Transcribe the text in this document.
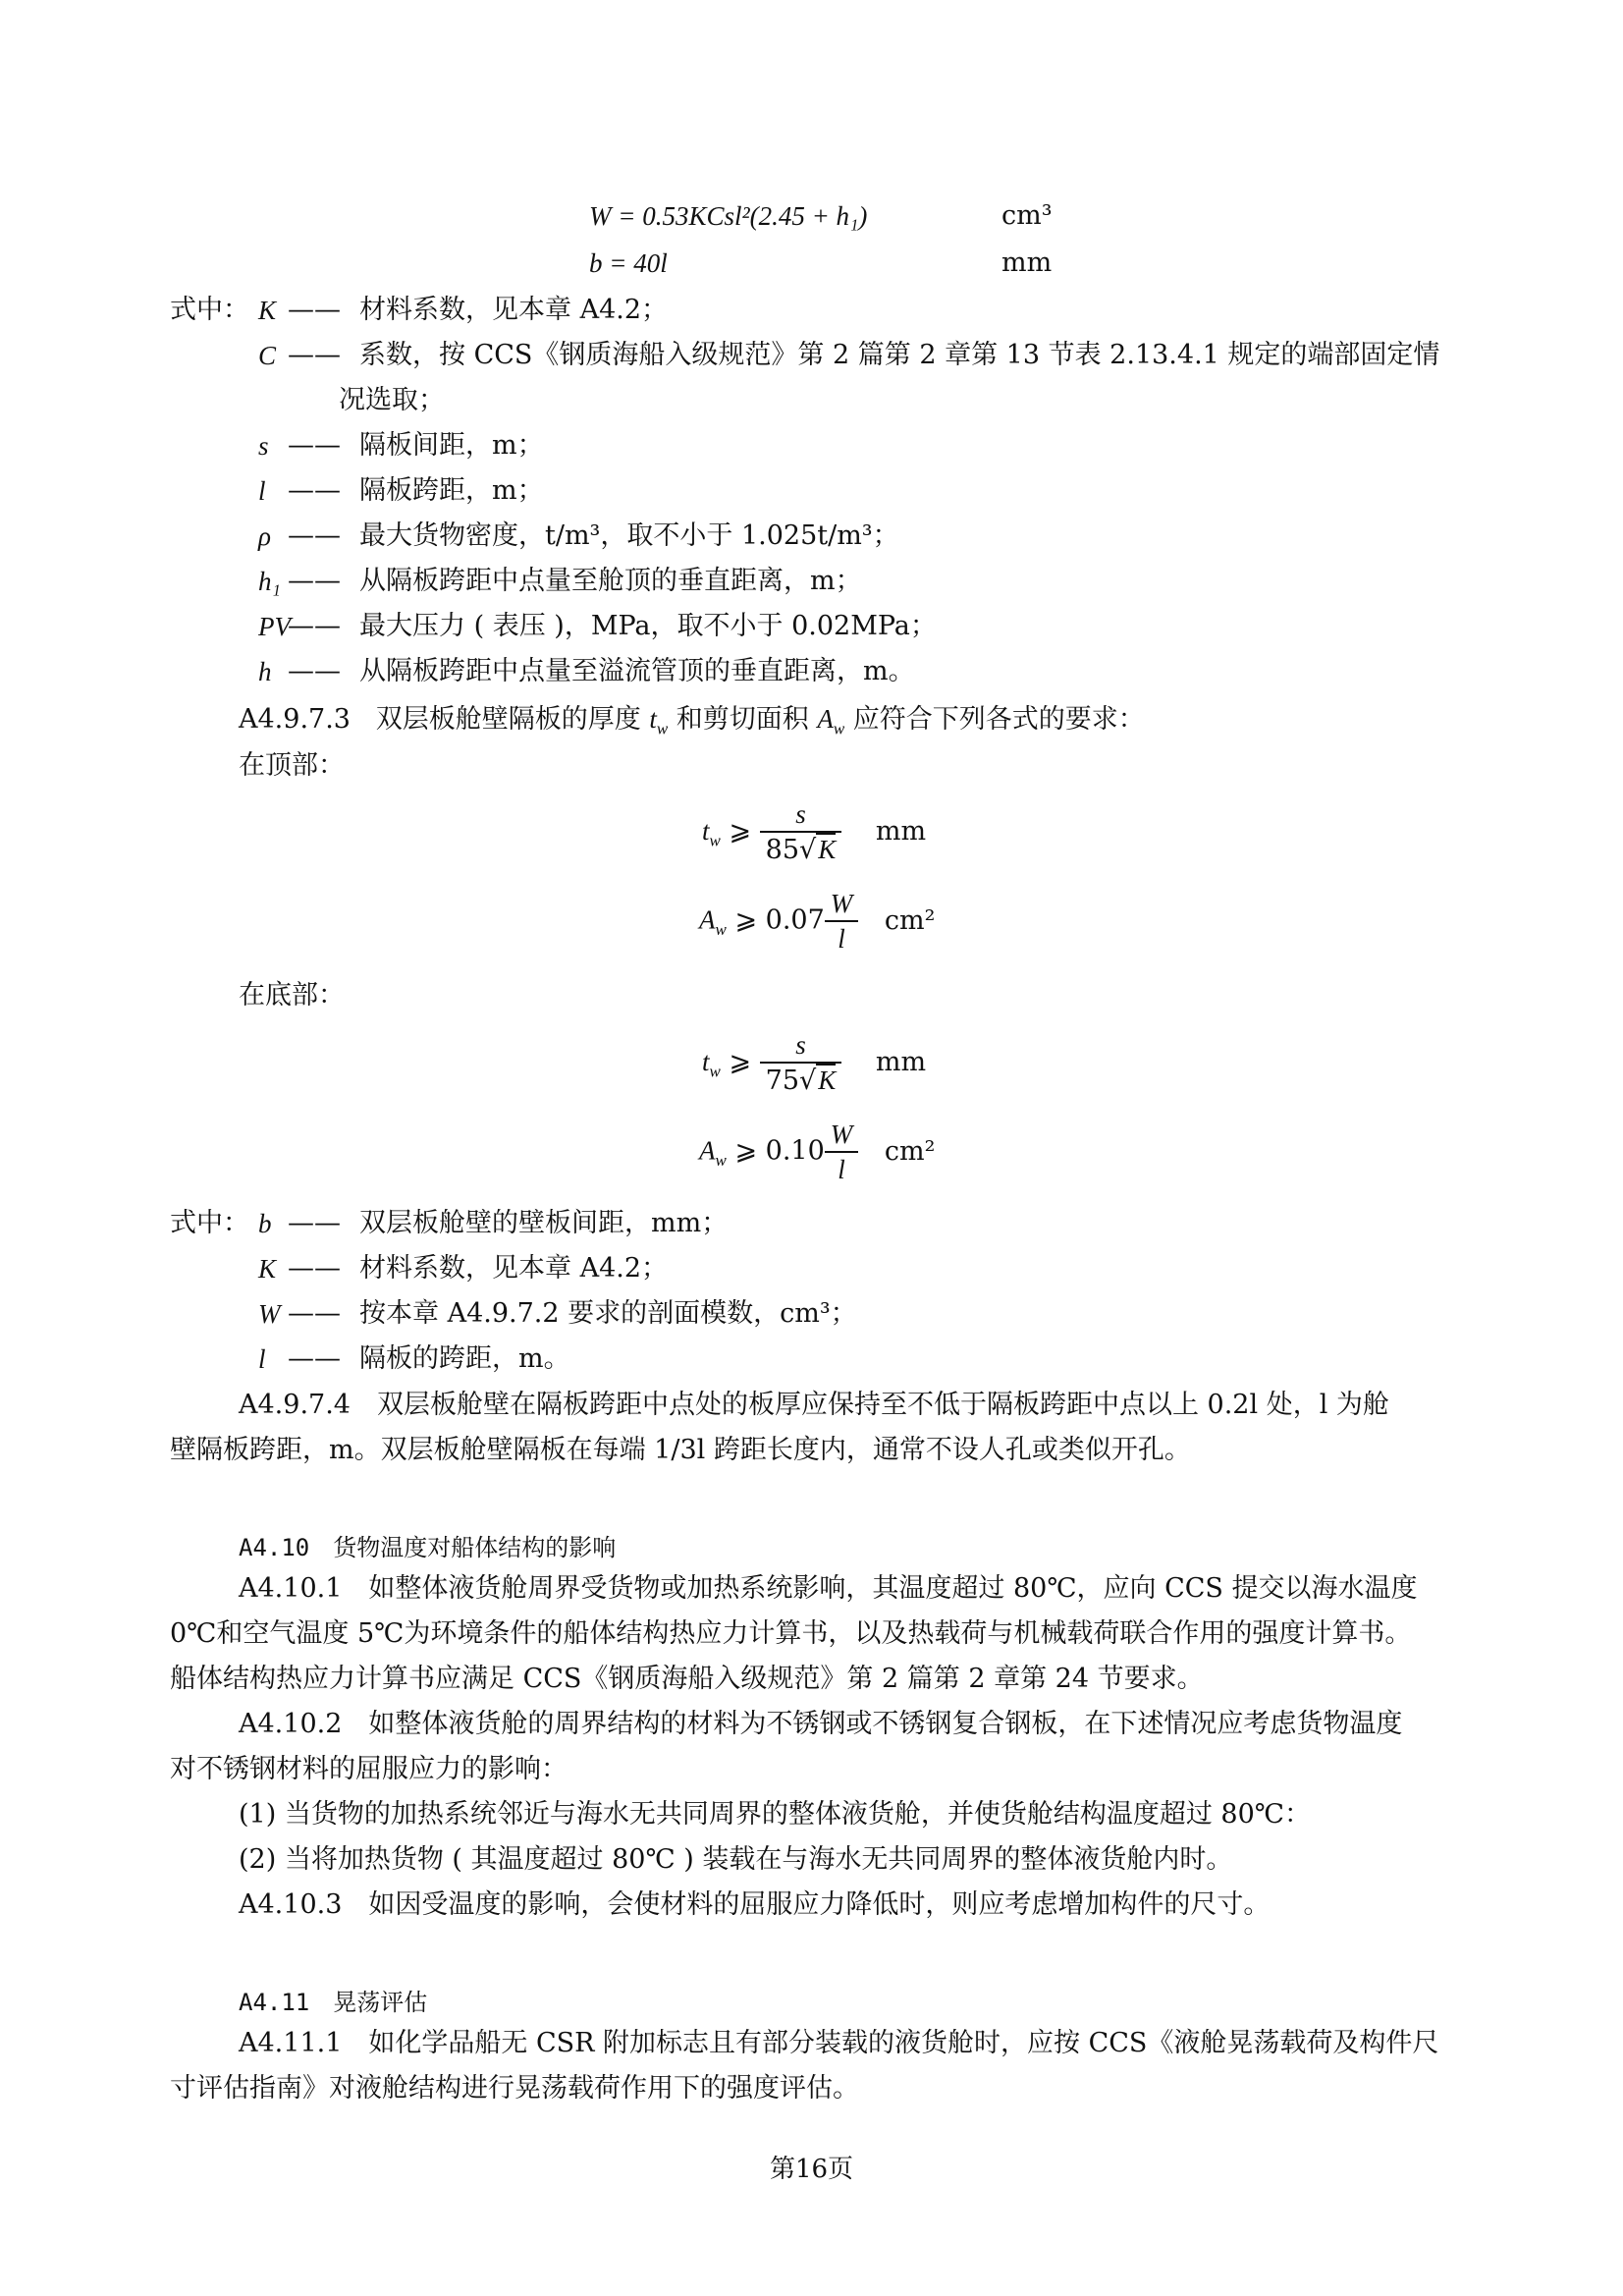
W = 0.53KCsl²(2.45 + h₁)	cm³
b = 40l	mm
式中： K —— 材料系数，见本章 A4.2；
C —— 系数，按 CCS《钢质海船入级规范》第 2 篇第 2 章第 13 节表 2.13.4.1 规定的端部固定情
况选取；
s —— 隔板间距，m；
l —— 隔板跨距，m；
ρ —— 最大货物密度，t/m³，取不小于 1.025t/m³；
h₁ —— 从隔板跨距中点量至舱顶的垂直距离，m；
PV
—— 最大压力 ( 表压 )，MPa，取不小于 0.02MPa；
h —— 从隔板跨距中点量至溢流管顶的垂直距离，m。
A4.9.7.3 双层板舱壁隔板的厚度 $t_w$ 和剪切面积 $A_w$ 应符合下列各式的要求：
在顶部：
$t_w$ ⩾ $\frac{s}{85√K}$ mm
$A_w$ ⩾ $0.07 \frac{W}{l} cm^2$
在底部：
$t_w$ ⩾ $\frac{s}{75√K}$ mm
$A_w$ ⩾ $0.10 \frac{W}{l} cm^2$
式中： b —— 双层板舱壁的壁板间距，mm；
K —— 材料系数，见本章 A4.2；
W —— 按本章 A4.9.7.2 要求的剖面模数，cm³；
l —— 隔板的跨距，m。
A4.9.7.4　双层板舱壁在隔板跨距中点处的板厚应保持至不低于隔板跨距中点以上 0.2l 处，l 为舱
壁隔板跨距，m。双层板舱壁隔板在每端 1/3l 跨距长度内，通常不设人孔或类似开孔。
A4.10　货物温度对船体结构的影响
A4.10.1　如整体液货舱周界受货物或加热系统影响，其温度超过 80℃，应向 CCS 提交以海水温度
0℃和空气温度 5℃为环境条件的船体结构热应力计算书，以及热载荷与机械载荷联合作用的强度计算书。
船体结构热应力计算书应满足 CCS《钢质海船入级规范》第 2 篇第 2 章第 24 节要求。
A4.10.2　如整体液货舱的周界结构的材料为不锈钢或不锈钢复合钢板，在下述情况应考虑货物温度
对不锈钢材料的屈服应力的影响：
(1) 当货物的加热系统邻近与海水无共同周界的整体液货舱，并使货舱结构温度超过 80℃：
(2) 当将加热货物 ( 其温度超过 80℃ ) 装载在与海水无共同周界的整体液货舱内时。
A4.10.3　如因受温度的影响，会使材料的屈服应力降低时，则应考虑增加构件的尺寸。
A4.11　晃荡评估
A4.11.1　如化学品船无 CSR 附加标志且有部分装载的液货舱时，应按 CCS《液舱晃荡载荷及构件尺
寸评估指南》对液舱结构进行晃荡载荷作用下的强度评估。
第16页
